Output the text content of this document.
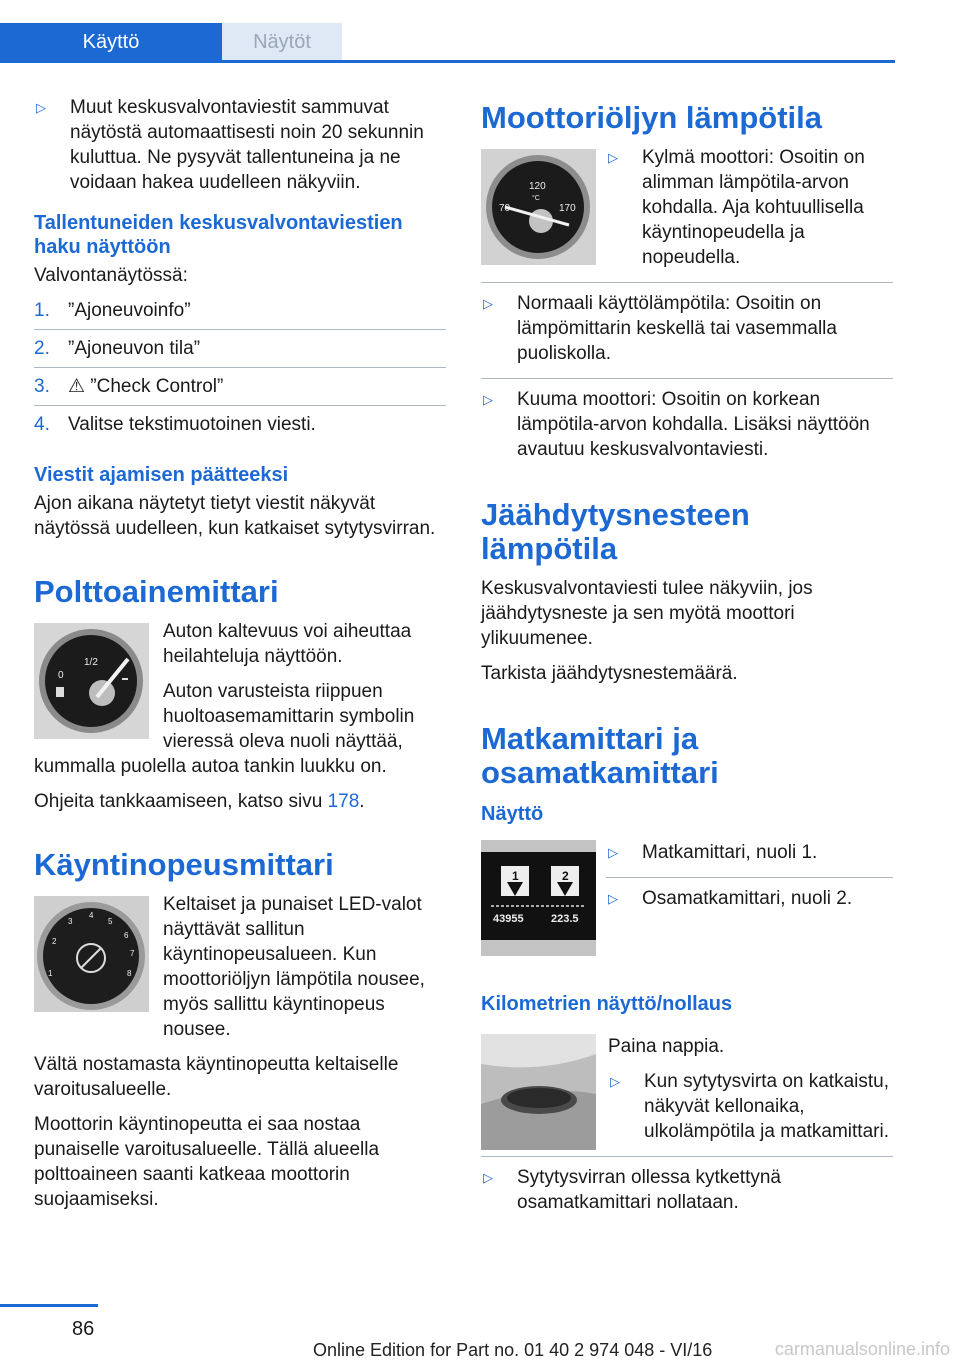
Käyttö	Näytöt
▷	Muut keskusvalvontaviestit sammuvat näytöstä automaattisesti noin 20 sekunnin kuluttua. Ne pysyvät tallentuneina ja ne voidaan hakea uudelleen näkyviin.
Tallentuneiden keskusvalvontaviestien haku näyttöön

Valvontanäytössä:

1. ”Ajoneuvoinfo”
2. ”Ajoneuvon tila”
3. ⚠ ”Check Control”
4. Valitse tekstimuotoinen viesti.
Viestit ajamisen päätteeksi

Ajon aikana näytetyt tietyt viestit näkyvät näytössä uudelleen, kun katkaiset sytytysvirran.

Polttoainemittari
0
1/2

Auton kaltevuus voi aiheuttaa heilahteluja näyttöön.

Auton varusteista riippuen huoltoasemamittarin symbolin vieressä oleva nuoli näyttää, kummalla puolella autoa tankin luukku on.

Ohjeita tankkaamiseen, katso sivu 178.

Käyntinopeusmittari
1
2
3
4
5
6
7
8

Keltaiset ja punaiset LED-valot näyttävät sallitun käyntinopeusalueen. Kun moottoriöljyn lämpötila nousee, myös sallittu käyntinopeus nousee.

Vältä nostamasta käyntinopeutta keltaiselle varoitusalueelle.

Moottorin käyntinopeutta ei saa nostaa punaiselle varoitusalueelle. Tällä alueella polttoaineen saanti katkeaa moottorin suojaamiseksi.

Moottoriöljyn lämpötila
120
°C
70	170
▷	Kylmä moottori: Osoitin on alimman lämpötila-arvon kohdalla. Aja kohtuullisella käyntinopeudella ja nopeudella.
▷	Normaali käyttölämpötila: Osoitin on lämpömittarin keskellä tai vasemmalla puoliskolla.
▷	Kuuma moottori: Osoitin on korkean lämpötila-arvon kohdalla. Lisäksi näyttöön avautuu keskusvalvontaviesti.
Jäähdytysnesteen lämpötila

Keskusvalvontaviesti tulee näkyviin, jos jäähdytysneste ja sen myötä moottori ylikuumenee.

Tarkista jäähdytysnestemäärä.

Matkamittari ja osamatkamittari
Näyttö
1	2
43955 223.5
▷	Matkamittari, nuoli 1.
▷	Osamatkamittari, nuoli 2.
Kilometrien näyttö/nollaus

Paina nappia.

▷	Kun sytytysvirta on katkaistu, näkyvät kellonaika, ulkolämpötila ja matkamittari.
▷	Sytytysvirran ollessa kytkettynä osamatkamittari nollataan.
86
Online Edition for Part no. 01 40 2 974 048 - VI/16	carmanualsonline.info
